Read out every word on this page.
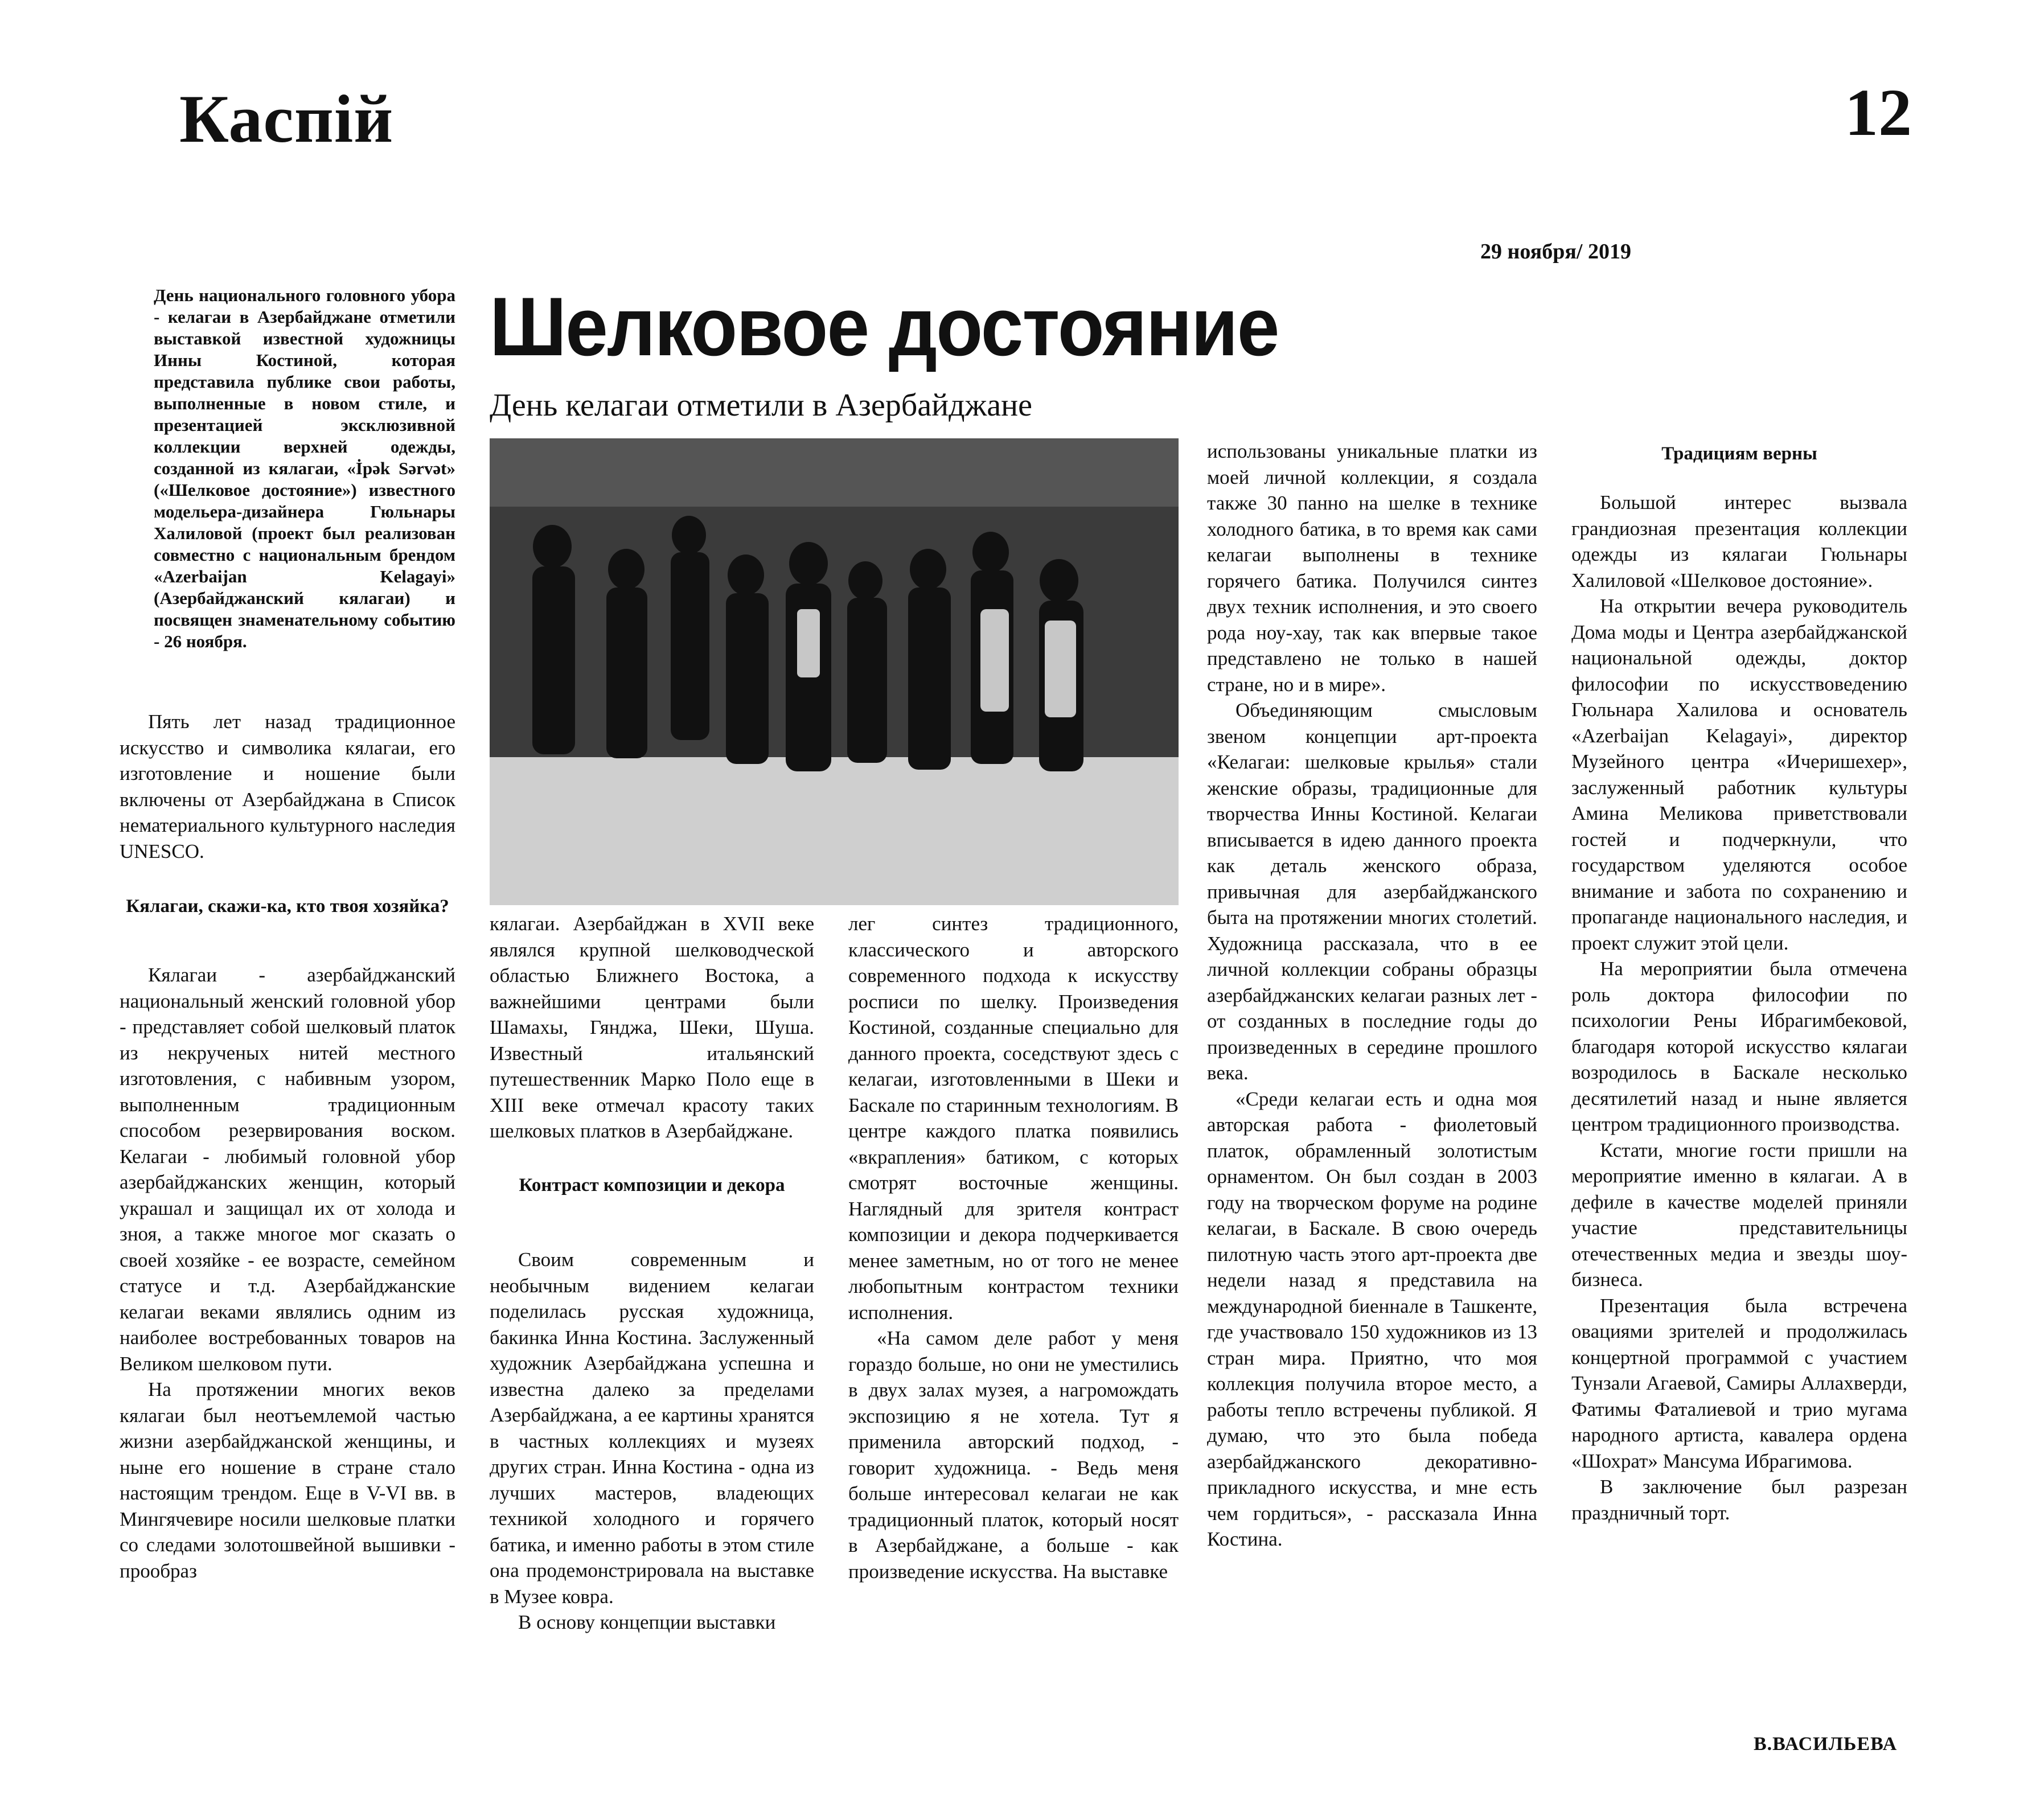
Каспiй	12
29 ноября/ 2019
Шелковое достояние
День келагаи отметили в Азербайджане
День национального головного убора - келагаи в Азербайджане отметили выставкой известной художницы Инны Костиной, которая представила публике свои работы, выполненные в новом стиле, и презентацией эксклюзивной коллекции верхней одежды, созданной из кялагаи, «İpək Sərvət» («Шелковое достояние») известного модельера-дизайнера Гюльнары Халиловой (проект был реализован совместно с национальным брендом «Azerbaijan Kelagayi» (Азербайджанский кялагаи) и посвящен знаменательному событию - 26 ноября.

Пять лет назад традиционное искусство и символика кялагаи, его изготовление и ношение были включены от Азербайджана в Список нематериального культурного наследия UNESCO.

Кялагаи, скажи-ка, кто твоя хозяйка?

Кялагаи - азербайджанский национальный женский головной убор - представляет собой шелковый платок из некрученых нитей местного изготовления, с набивным узором, выполненным традиционным способом резервирования воском. Келагаи - любимый головной убор азербайджанских женщин, который украшал и защищал их от холода и зноя, а также многое мог сказать о своей хозяйке - ее возрасте, семейном статусе и т.д. Азербайджанские келагаи веками являлись одним из наиболее востребованных товаров на Великом шелковом пути.

На протяжении многих веков кялагаи был неотъемлемой частью жизни азербайджанской женщины, и ныне его ношение в стране стало настоящим трендом. Еще в V-VI вв. в Мингячевире носили шелковые платки со следами золотошвейной вышивки - прообраз

кялагаи. Азербайджан в XVII веке являлся крупной шелководческой областью Ближнего Востока, а важнейшими центрами были Шамахы, Гянджа, Шеки, Шуша. Известный итальянский путешественник Марко Поло еще в XIII веке отмечал красоту таких шелковых платков в Азербайджане.

Контраст композиции и декора

Своим современным и необычным видением келагаи поделилась русская художница, бакинка Инна Костина. Заслуженный художник Азербайджана успешна и известна далеко за пределами Азербайджана, а ее картины хранятся в частных коллекциях и музеях других стран. Инна Костина - одна из лучших мастеров, владеющих техникой холодного и горячего батика, и именно работы в этом стиле она продемонстрировала на выставке в Музее ковра.

В основу концепции выставки

лег синтез традиционного, классического и авторского современного подхода к искусству росписи по шелку. Произведения Костиной, созданные специально для данного проекта, соседствуют здесь с келагаи, изготовленными в Шеки и Баскале по старинным технологиям. В центре каждого платка появились «вкрапления» батиком, с которых смотрят восточные женщины. Наглядный для зрителя контраст композиции и декора подчеркивается менее заметным, но от того не менее любопытным контрастом техники исполнения.

«На самом деле работ у меня гораздо больше, но они не уместились в двух залах музея, а нагромождать экспозицию я не хотела. Тут я применила авторский подход, - говорит художница. - Ведь меня больше интересовал келагаи не как традиционный платок, который носят в Азербайджане, а больше - как произведение искусства. На выставке

использованы уникальные платки из моей личной коллекции, я создала также 30 панно на шелке в технике холодного батика, в то время как сами келагаи выполнены в технике горячего батика. Получился синтез двух техник исполнения, и это своего рода ноу-хау, так как впервые такое представлено не только в нашей стране, но и в мире».

Объединяющим смысловым звеном концепции арт-проекта «Келагаи: шелковые крылья» стали женские образы, традиционные для творчества Инны Костиной. Келагаи вписывается в идею данного проекта как деталь женского образа, привычная для азербайджанского быта на протяжении многих столетий. Художница рассказала, что в ее личной коллекции собраны образцы азербайджанских келагаи разных лет - от созданных в последние годы до произведенных в середине прошлого века.

«Среди келагаи есть и одна моя авторская работа - фиолетовый платок, обрамленный золотистым орнаментом. Он был создан в 2003 году на творческом форуме на родине келагаи, в Баскале. В свою очередь пилотную часть этого арт-проекта две недели назад я представила на международной биеннале в Ташкенте, где участвовало 150 художников из 13 стран мира. Приятно, что моя коллекция получила второе место, а работы тепло встречены публикой. Я думаю, что это была победа азербайджанского декоративно-прикладного искусства, и мне есть чем гордиться», - рассказала Инна Костина.

Традициям верны

Большой интерес вызвала грандиозная презентация коллекции одежды из кялагаи Гюльнары Халиловой «Шелковое достояние».

На открытии вечера руководитель Дома моды и Центра азербайджанской национальной одежды, доктор философии по искусствоведению Гюльнара Халилова и основатель «Azerbaijan Kelagayi», директор Музейного центра «Ичеришехер», заслуженный работник культуры Амина Меликова приветствовали гостей и подчеркнули, что государством уделяются особое внимание и забота по сохранению и пропаганде национального наследия, и проект служит этой цели.

На мероприятии была отмечена роль доктора философии по психологии Рены Ибрагимбековой, благодаря которой искусство кялагаи возродилось в Баскале несколько десятилетий назад и ныне является центром традиционного производства.

Кстати, многие гости пришли на мероприятие именно в кялагаи. А в дефиле в качестве моделей приняли участие представительницы отечественных медиа и звезды шоу-бизнеса.

Презентация была встречена овациями зрителей и продолжилась концертной программой с участием Тунзали Агаевой, Самиры Аллахверди, Фатимы Фаталиевой и трио мугама народного артиста, кавалера ордена «Шохрат» Мансума Ибрагимова.

В заключение был разрезан праздничный торт.

В.ВАСИЛЬЕВА
